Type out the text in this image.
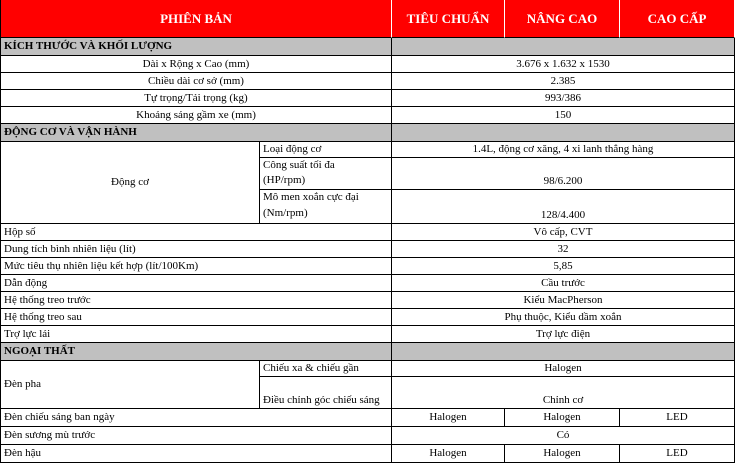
PHIÊN BẢN	TIÊU CHUẨN	NÂNG CAO	CAO CẤP
KÍCH THƯỚC VÀ KHỐI LƯỢNG
Dài x Rộng x Cao (mm)	3.676 x 1.632 x 1530
Chiều dài cơ sở (mm)	2.385
Tự trọng/Tải trọng (kg)	993/386
Khoảng sáng gầm xe (mm)	150
ĐỘNG CƠ VÀ VẬN HÀNH
Động cơ
Loại động cơ	1.4L, động cơ xăng, 4 xi lanh thẳng hàng
Công suất tối đa
(HP/rpm)	98/6.200
Mô men xoắn cực đại
(Nm/rpm)	128/4.400
Hộp số	Vô cấp, CVT
Dung tích bình nhiên liệu (lít)	32
Mức tiêu thụ nhiên liệu kết hợp (lít/100Km)	5,85
Dẫn động	Cầu trước
Hệ thống treo trước	Kiểu MacPherson
Hệ thống treo sau	Phụ thuộc, Kiểu dầm xoắn
Trợ lực lái	Trợ lực điện
NGOẠI THẤT
Đèn pha
Chiếu xa & chiếu gần	Halogen
Điều chỉnh góc chiếu sáng	Chỉnh cơ
Đèn chiếu sáng ban ngày	Halogen	Halogen	LED
Đèn sương mù trước	Có
Đèn hậu	Halogen	Halogen	LED
